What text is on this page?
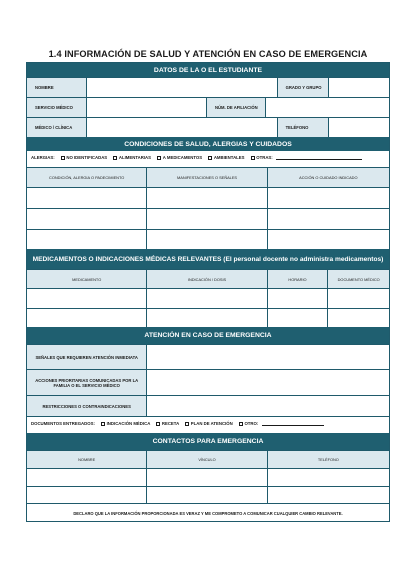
1.4 INFORMACIÓN DE SALUD Y ATENCIÓN EN CASO DE EMERGENCIA
DATOS DE LA O EL ESTUDIANTE
NOMBRE	GRADO Y GRUPO
SERVICIO MÉDICO	NÚM. DE AFILIACIÓN
MÉDICO / CLÍNICA	TELÉFONO
CONDICIONES DE SALUD, ALERGIAS Y CUIDADOS
ALERGIAS:	NO IDENTIFICADAS	ALIMENTARIAS	A MEDICAMENTOS	AMBIENTALES	OTRAS:
CONDICIÓN, ALERGIA O PADECIMIENTO	MANIFESTACIONES O SEÑALES	ACCIÓN O CUIDADO INDICADO
MEDICAMENTOS O INDICACIONES MÉDICAS RELEVANTES (El personal docente no administra medicamentos)
MEDICAMENTO	INDICACIÓN / DOSIS	HORARIO	DOCUMENTO MÉDICO
ATENCIÓN EN CASO DE EMERGENCIA
SEÑALES QUE REQUIEREN ATENCIÓN INMEDIATA
ACCIONES PRIORITARIAS COMUNICADAS POR LA FAMILIA O EL SERVICIO MÉDICO
RESTRICCIONES O CONTRAINDICACIONES
DOCUMENTOS ENTREGADOS:	INDICACIÓN MÉDICA	RECETA	PLAN DE ATENCIÓN	OTRO:
CONTACTOS PARA EMERGENCIA
NOMBRE	VÍNCULO	TELÉFONO
DECLARO QUE LA INFORMACIÓN PROPORCIONADA ES VERAZ Y ME COMPROMETO A COMUNICAR CUALQUIER CAMBIO RELEVANTE.
